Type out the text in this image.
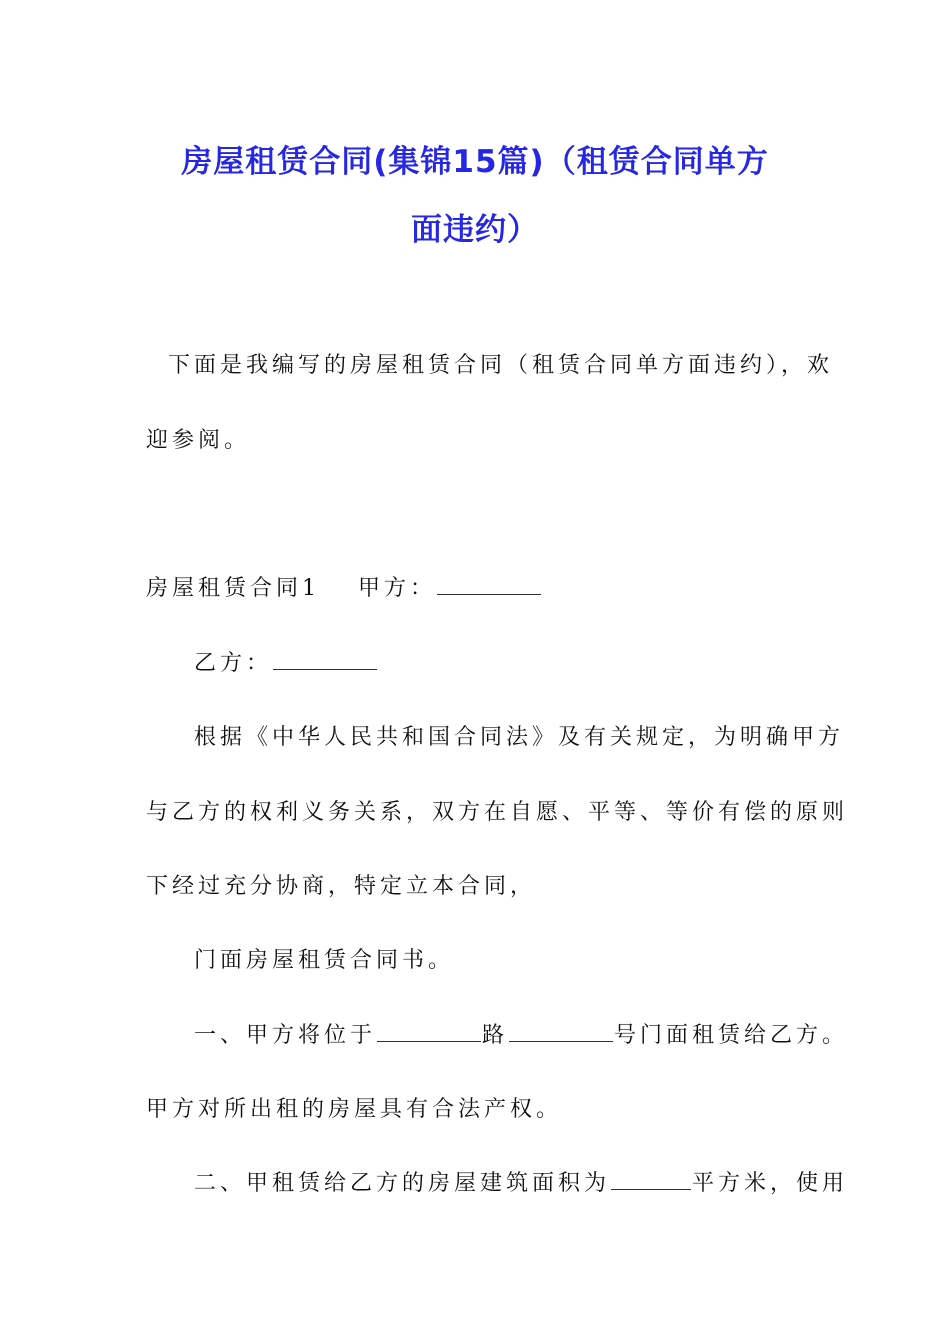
房屋租赁合同(集锦15篇)（租赁合同单方
面违约）
下面是我编写的房屋租赁合同（租赁合同单方面违约），欢
迎参阅。
房屋租赁合同1 甲方：
乙方：
根据《中华人民共和国合同法》及有关规定，为明确甲方
与乙方的权利义务关系，双方在自愿、平等、等价有偿的原则
下经过充分协商，特定立本合同，
门面房屋租赁合同书。
一、甲方将位于	路	号门面租赁给乙方。
甲方对所出租的房屋具有合法产权。
二、甲租赁给乙方的房屋建筑面积为	平方米，使用
